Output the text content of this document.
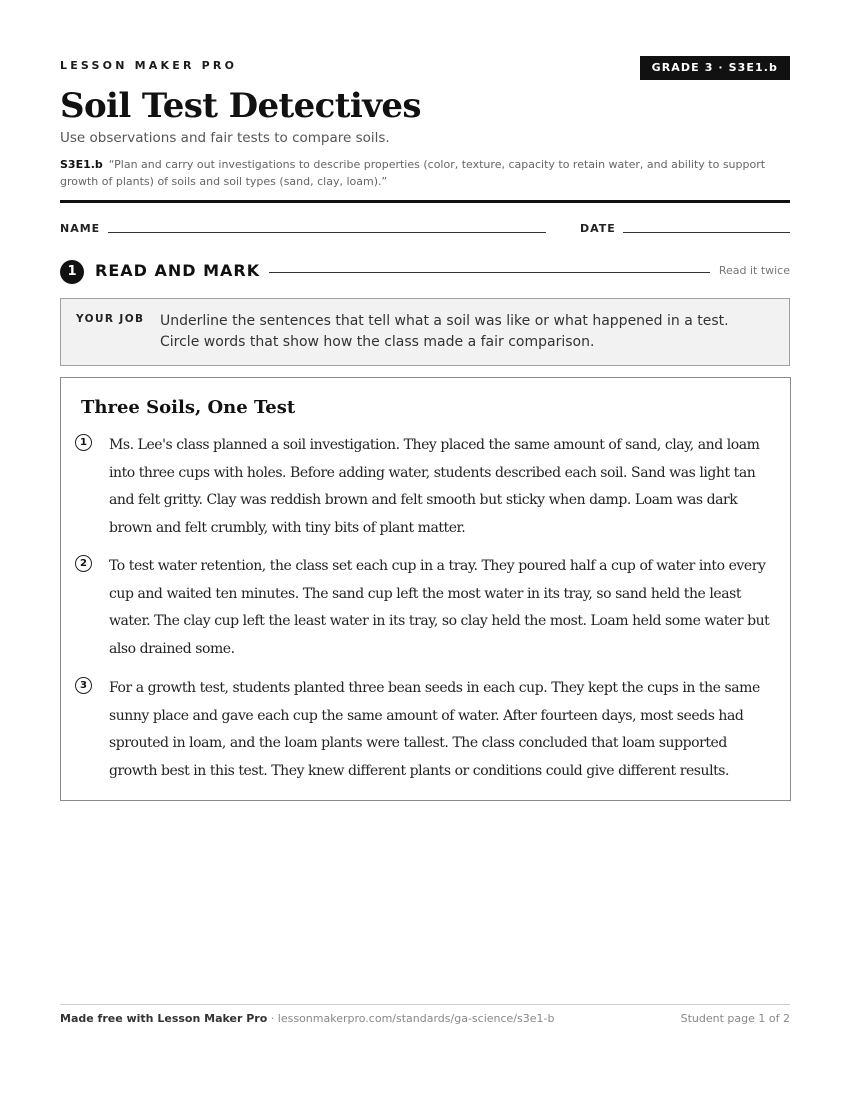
LESSON MAKER PRO	GRADE 3 · S3E1.b
Soil Test Detectives
Use observations and fair tests to compare soils.
S3E1.b “Plan and carry out investigations to describe properties (color, texture, capacity to retain water, and ability to support growth of plants) of soils and soil types (sand, clay, loam).”
NAME	DATE
1	READ AND MARK	Read it twice
YOUR JOB Underline the sentences that tell what a soil was like or what happened in a test. Circle words that show how the class made a fair comparison.
Three Soils, One Test
1	Ms. Lee's class planned a soil investigation. They placed the same amount of sand, clay, and loam into three cups with holes. Before adding water, students described each soil. Sand was light tan and felt gritty. Clay was reddish brown and felt smooth but sticky when damp. Loam was dark brown and felt crumbly, with tiny bits of plant matter.

2	To test water retention, the class set each cup in a tray. They poured half a cup of water into every cup and waited ten minutes. The sand cup left the most water in its tray, so sand held the least water. The clay cup left the least water in its tray, so clay held the most. Loam held some water but also drained some.

3	For a growth test, students planted three bean seeds in each cup. They kept the cups in the same sunny place and gave each cup the same amount of water. After fourteen days, most seeds had sprouted in loam, and the loam plants were tallest. The class concluded that loam supported growth best in this test. They knew different plants or conditions could give different results.

Made free with Lesson Maker Pro · lessonmakerpro.com/standards/ga-science/s3e1-b	Student page 1 of 2
